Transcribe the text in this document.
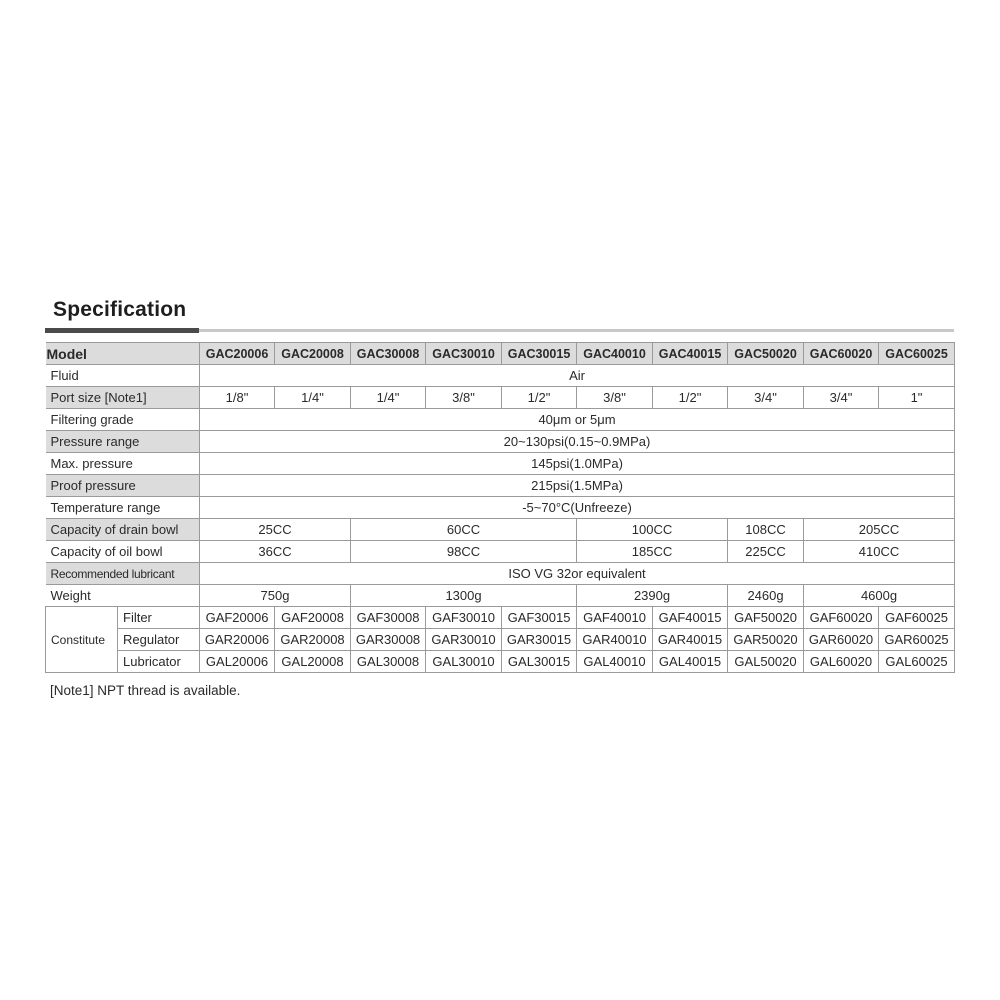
Specification
Model		GAC20006	GAC20008	GAC30008	GAC30010	GAC30015	GAC40010	GAC40015	GAC50020	GAC60020	GAC60025
Fluid		Air									
Port size [Note1]		1/8"	1/4"	1/4"	3/8"	1/2"	3/8"	1/2"	3/4"	3/4"	1"
Filtering grade		40μm or 5μm									
Pressure range		20~130psi(0.15~0.9MPa)									
Max. pressure		145psi(1.0MPa)									
Proof pressure		215psi(1.5MPa)									
Temperature range		-5~70°C(Unfreeze)									
Capacity of drain bowl		25CC		60CC			100CC		108CC	205CC	
Capacity of oil bowl		36CC		98CC			185CC		225CC	410CC	
Recommended lubricant		ISO VG 32or equivalent									
Weight		750g		1300g			2390g		2460g	4600g	
Constitute	Filter	GAF20006	GAF20008	GAF30008	GAF30010	GAF30015	GAF40010	GAF40015	GAF50020	GAF60020	GAF60025
	Regulator	GAR20006	GAR20008	GAR30008	GAR30010	GAR30015	GAR40010	GAR40015	GAR50020	GAR60020	GAR60025
	Lubricator	GAL20006	GAL20008	GAL30008	GAL30010	GAL30015	GAL40010	GAL40015	GAL50020	GAL60020	GAL60025
[Note1] NPT thread is available.
